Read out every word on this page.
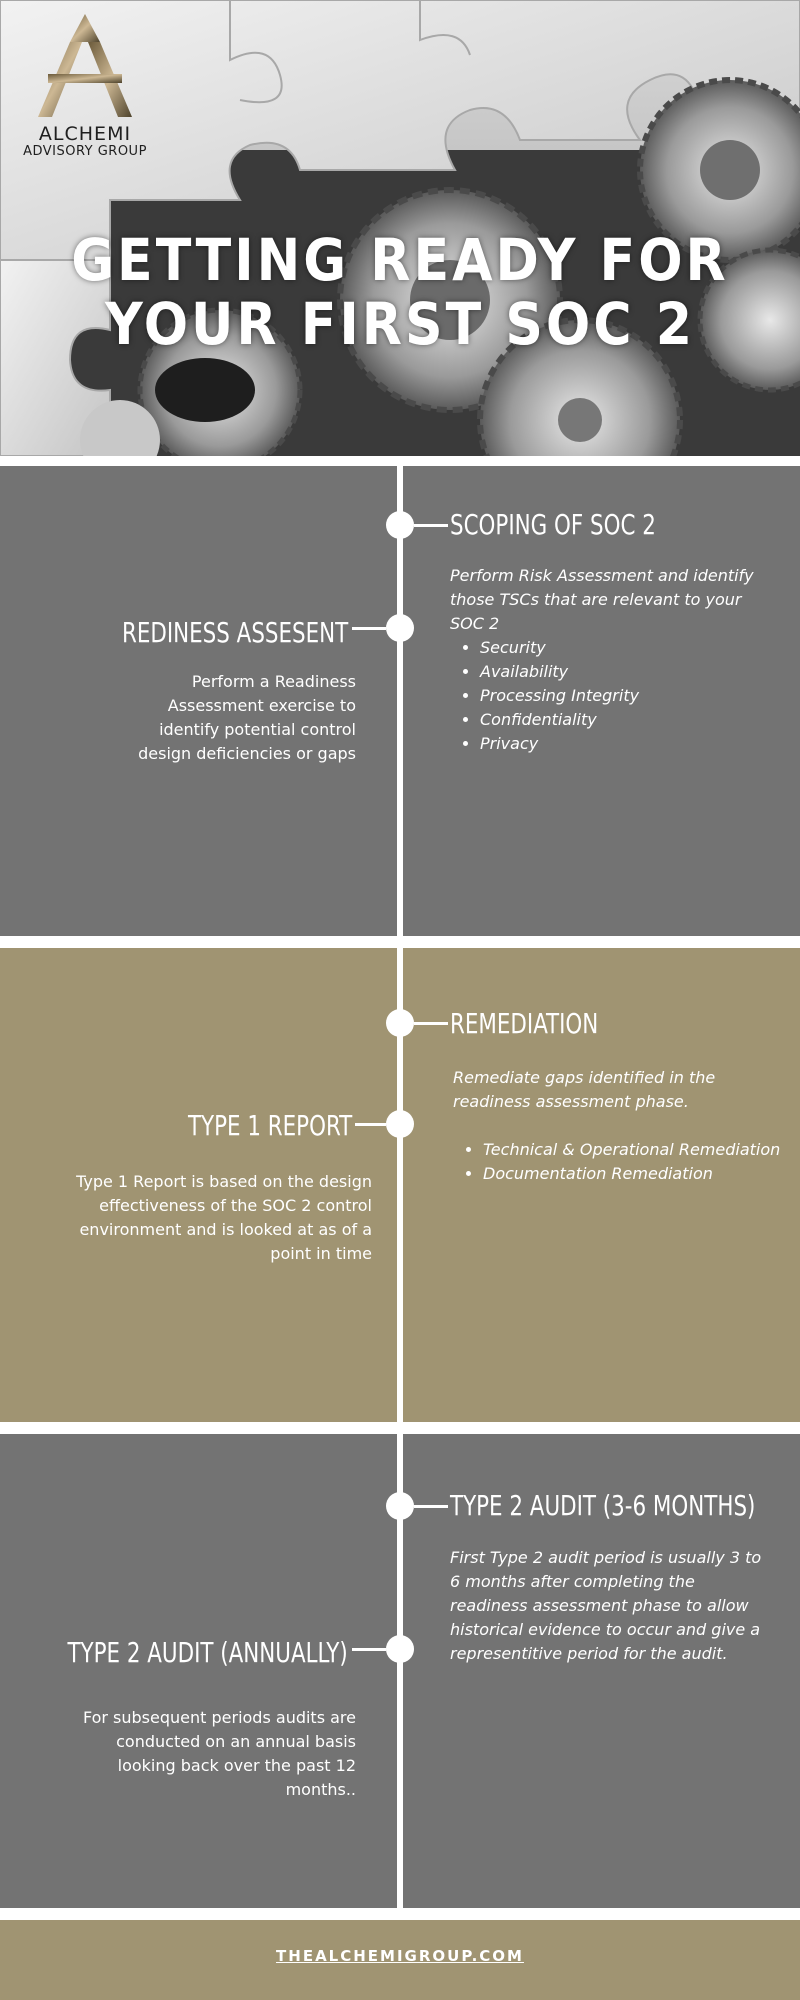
ALCHEMI
ADVISORY GROUP
GETTING READY FOR
YOUR FIRST SOC 2
SCOPING OF SOC 2
Perform Risk Assessment and identify those TSCs that are relevant to your SOC 2
• Security
• Availability
• Processing Integrity
• Confidentiality
• Privacy
REDINESS ASSESENT
Perform a Readiness Assessment exercise to identify potential control design deficiencies or gaps
REMEDIATION
Remediate gaps identified in the readiness assessment phase.
• Technical & Operational Remediation
• Documentation Remediation
TYPE 1 REPORT
Type 1 Report is based on the design effectiveness of the SOC 2 control environment and is looked at as of a point in time
TYPE 2 AUDIT (3-6 MONTHS)
First Type 2 audit period is usually 3 to 6 months after completing the readiness assessment phase to allow historical evidence to occur and give a representitive period for the audit.
TYPE 2 AUDIT (ANNUALLY)
For subsequent periods audits are conducted on an annual basis looking back over the past 12 months..
THEALCHEMIGROUP.COM
